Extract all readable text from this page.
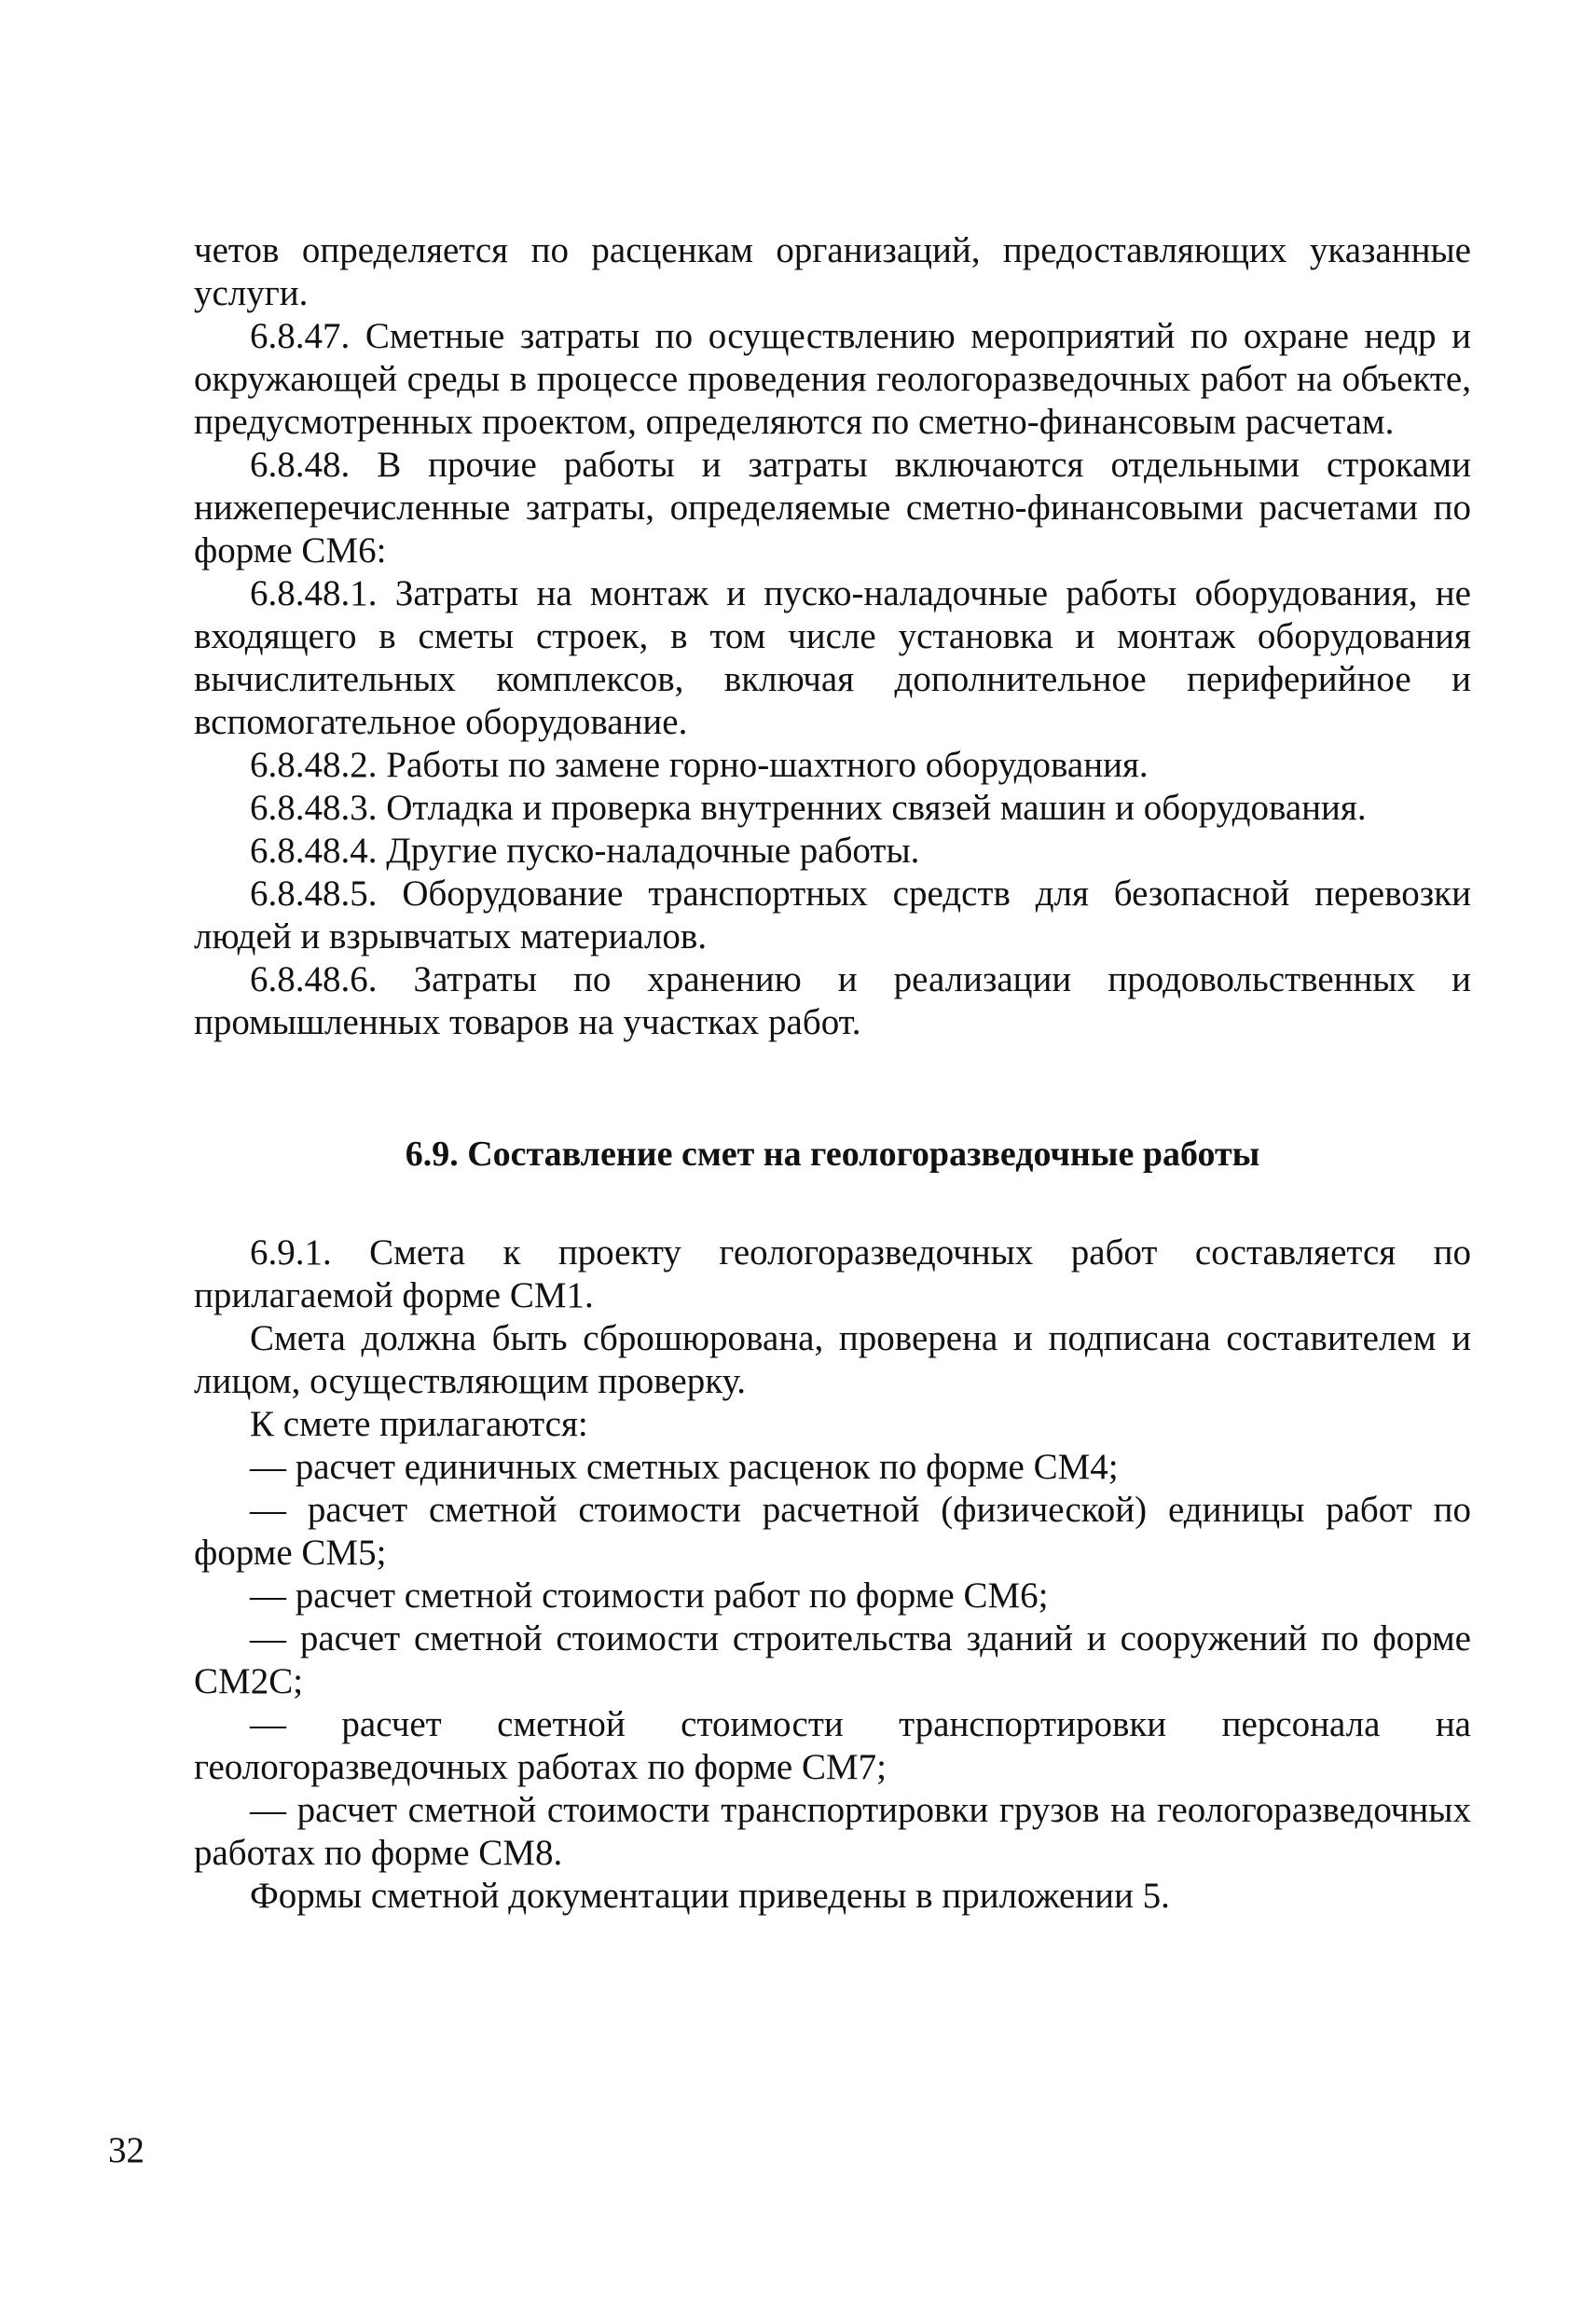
четов определяется по расценкам организаций, предоставляющих указанные услуги.

6.8.47. Сметные затраты по осуществлению мероприятий по охране недр и окружающей среды в процессе проведения геологоразведочных работ на объекте, предусмотренных проектом, определяются по сметно-финансовым расчетам.

6.8.48. В прочие работы и затраты включаются отдельными строками нижеперечисленные затраты, определяемые сметно-финансовыми расчетами по форме СМ6:

6.8.48.1. Затраты на монтаж и пуско-наладочные работы оборудования, не входящего в сметы строек, в том числе установка и монтаж оборудования вычислительных комплексов, включая дополнительное периферийное и вспомогательное оборудование.

6.8.48.2. Работы по замене горно-шахтного оборудования.

6.8.48.3. Отладка и проверка внутренних связей машин и оборудования.

6.8.48.4. Другие пуско-наладочные работы.

6.8.48.5. Оборудование транспортных средств для безопасной перевозки людей и взрывчатых материалов.

6.8.48.6. Затраты по хранению и реализации продовольственных и промышленных товаров на участках работ.

6.9. Составление смет на геологоразведочные работы

6.9.1. Смета к проекту геологоразведочных работ составляется по прилагаемой форме СМ1.

Смета должна быть сброшюрована, проверена и подписана составителем и лицом, осуществляющим проверку.

К смете прилагаются:

— расчет единичных сметных расценок по форме СМ4;

— расчет сметной стоимости расчетной (физической) единицы работ по форме СМ5;

— расчет сметной стоимости работ по форме СМ6;

— расчет сметной стоимости строительства зданий и сооружений по форме СМ2С;

— расчет сметной стоимости транспортировки персонала на геологоразведочных работах по форме СМ7;

— расчет сметной стоимости транспортировки грузов на геологоразведочных работах по форме СМ8.

Формы сметной документации приведены в приложении 5.

32
